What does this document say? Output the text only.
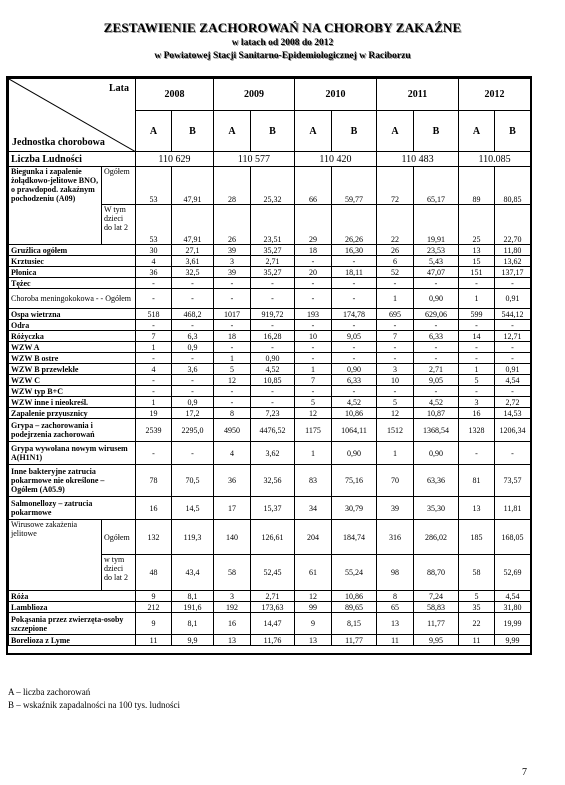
ZESTAWIENIE ZACHOROWAŃ NA CHOROBY ZAKAŹNE
w latach od 2008 do 2012
w Powiatowej Stacji Sanitarno-Epidemiologicznej w Raciborzu
Lata
Jednostka chorobowa		2008		2009		2010		2011		2012	
		A	B	A	B	A	B	A	B	A	B
Liczba Ludności		110 629		110 577		110 420		110 483		110.085	
Biegunka i zapalenie żołądkowo-jelitowe BNO, o prawdopod. zakaźnym pochodzeniu (A09)	Ogółem	53	47,91	28	25,32	66	59,77	72	65,17	89	80,85
	W tym dzieci do lat 2	53	47,91	26	23,51	29	26,26	22	19,91	25	22,70
Gruźlica ogółem		30	27,1	39	35,27	18	16,30	26	23,53	13	11,80
Krztusiec		4	3,61	3	2,71	-	-	6	5,43	15	13,62
Płonica		36	32,5	39	35,27	20	18,11	52	47,07	151	137,17
Tężec		-	-	-	-	-	-	-	-	-	-
Choroba meningokokowa - - Ogółem		-	-	-	-	-	-	1	0,90	1	0,91
Ospa wietrzna		518	468,2	1017	919,72	193	174,78	695	629,06	599	544,12
Odra		-	-	-	-	-	-	-	-	-	-
Różyczka		7	6,3	18	16,28	10	9,05	7	6,33	14	12,71
WZW A		1	0,9	-	-	-	-	-	-	-	-
WZW B ostre		-	-	1	0,90	-	-	-	-	-	-
WZW B przewlekłe		4	3,6	5	4,52	1	0,90	3	2,71	1	0,91
WZW C		-	-	12	10,85	7	6,33	10	9,05	5	4,54
WZW typ B+C		-	-	-	-	-	-	-	-	-	-
WZW inne i nieokreśl.		1	0,9	-	-	5	4,52	5	4,52	3	2,72
Zapalenie przyusznicy		19	17,2	8	7,23	12	10,86	12	10,87	16	14,53
Grypa – zachorowania i podejrzenia zachorowań		2539	2295,0	4950	4476,52	1175	1064,11	1512	1368,54	1328	1206,34
Grypa wywołana nowym wirusem A(H1N1)		-	-	4	3,62	1	0,90	1	0,90	-	-
Inne bakteryjne zatrucia pokarmowe nie określone – Ogółem (A05.9)		78	70,5	36	32,56	83	75,16	70	63,36	81	73,57
Salmonellozy – zatrucia pokarmowe		16	14,5	17	15,37	34	30,79	39	35,30	13	11,81
Wirusowe zakażenia jelitowe	Ogółem	132	119,3	140	126,61	204	184,74	316	286,02	185	168,05
	w tym dzieci do lat 2	48	43,4	58	52,45	61	55,24	98	88,70	58	52,69
Róża		9	8,1	3	2,71	12	10,86	8	7,24	5	4,54
Lamblioza		212	191,6	192	173,63	99	89,65	65	58,83	35	31,80
Pokąsania przez zwierzęta-osoby szczepione		9	8,1	16	14,47	9	8,15	13	11,77	22	19,99
Borelioza z Lyme		11	9,9	13	11,76	13	11,77	11	9,95	11	9,99
A – liczba zachorowań
B – wskaźnik zapadalności na 100 tys. ludności
7
